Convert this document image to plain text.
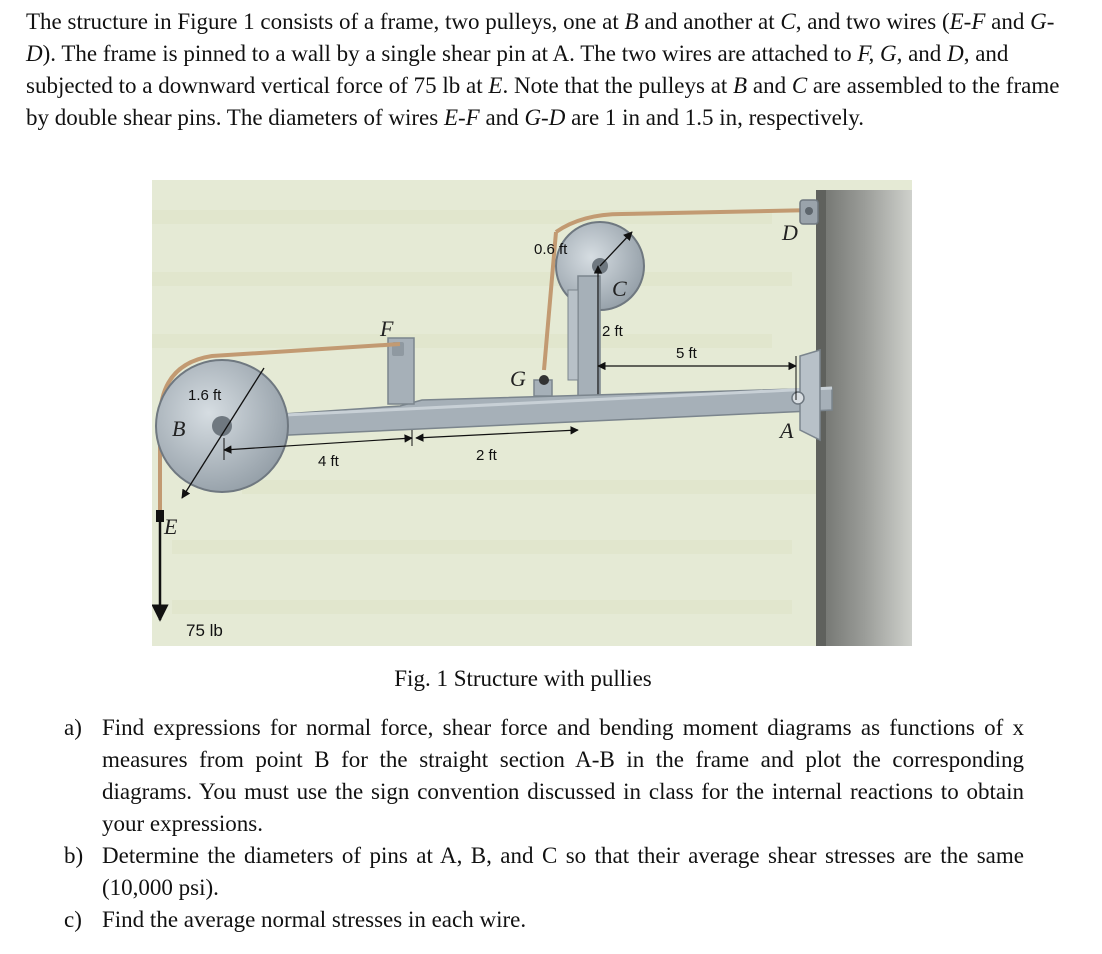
The structure in Figure 1 consists of a frame, two pulleys, one at B and another at C, and two wires (E-F and G-D). The frame is pinned to a wall by a single shear pin at A. The two wires are attached to F, G, and D, and subjected to a downward vertical force of 75 lb at E. Note that the pulleys at B and C are assembled to the frame by double shear pins. The diameters of wires E-F and G-D are 1 in and 1.5 in, respectively.

D
0.6 ft
C
2 ft
G
A
5 ft
1.6 ft
B
4 ft	2 ft
F
E
75 lb

Fig. 1 Structure with pullies

a) Find expressions for normal force, shear force and bending moment diagrams as functions of x measures from point B for the straight section A-B in the frame and plot the corresponding diagrams. You must use the sign convention discussed in class for the internal reactions to obtain your expressions.
b) Determine the diameters of pins at A, B, and C so that their average shear stresses are the same (10,000 psi).
c) Find the average normal stresses in each wire.
